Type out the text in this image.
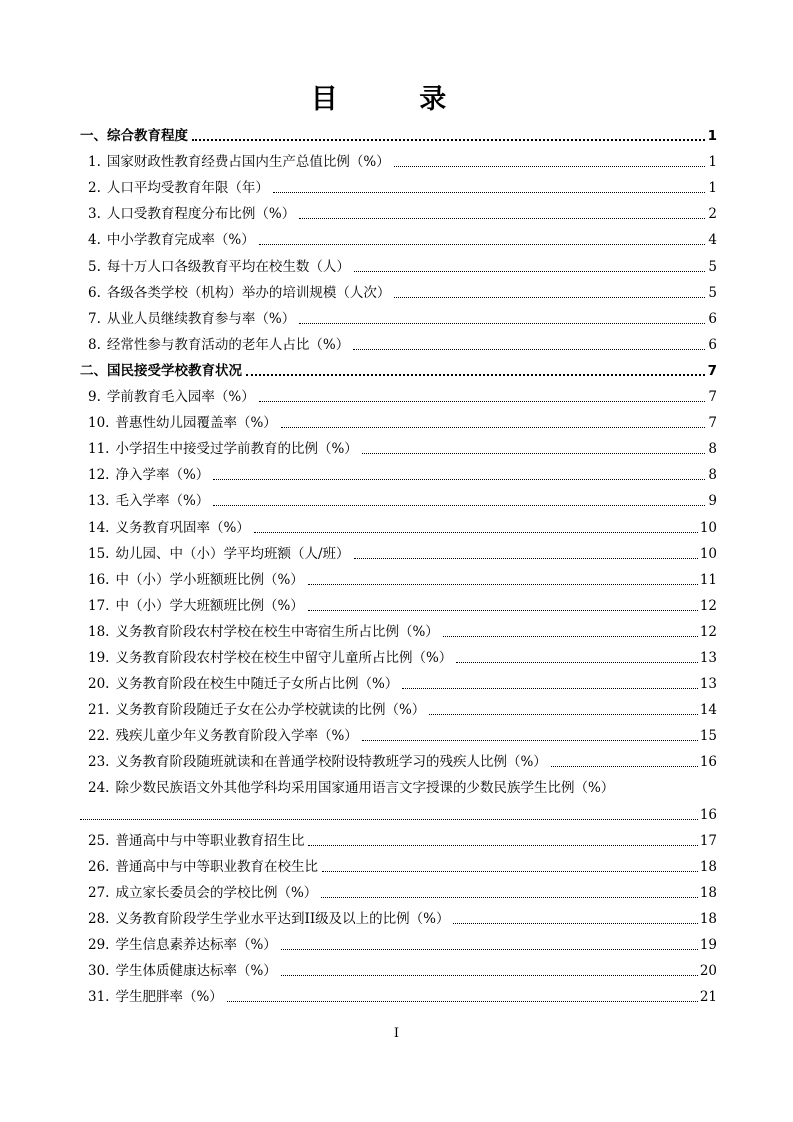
目 录
一、综合教育程度	1
1. 国家财政性教育经费占国内生产总值比例（%）	1
2. 人口平均受教育年限（年）	1
3. 人口受教育程度分布比例（%）	2
4. 中小学教育完成率（%）	4
5. 每十万人口各级教育平均在校生数（人）	5
6. 各级各类学校（机构）举办的培训规模（人次）	5
7. 从业人员继续教育参与率（%）	6
8. 经常性参与教育活动的老年人占比（%）	6
二、国民接受学校教育状况	7
9. 学前教育毛入园率（%）	7
10. 普惠性幼儿园覆盖率（%）	7
11. 小学招生中接受过学前教育的比例（%）	8
12. 净入学率（%）	8
13. 毛入学率（%）	9
14. 义务教育巩固率（%）	10
15. 幼儿园、中（小）学平均班额（人/班）	10
16. 中（小）学小班额班比例（%）	11
17. 中（小）学大班额班比例（%）	12
18. 义务教育阶段农村学校在校生中寄宿生所占比例（%）	12
19. 义务教育阶段农村学校在校生中留守儿童所占比例（%）	13
20. 义务教育阶段在校生中随迁子女所占比例（%）	13
21. 义务教育阶段随迁子女在公办学校就读的比例（%）	14
22. 残疾儿童少年义务教育阶段入学率（%）	15
23. 义务教育阶段随班就读和在普通学校附设特教班学习的残疾人比例（%）	16
24. 除少数民族语文外其他学科均采用国家通用语言文字授课的少数民族学生比例（%）
16
25. 普通高中与中等职业教育招生比	17
26. 普通高中与中等职业教育在校生比	18
27. 成立家长委员会的学校比例（%）	18
28. 义务教育阶段学生学业水平达到II级及以上的比例（%）	18
29. 学生信息素养达标率（%）	19
30. 学生体质健康达标率（%）	20
31. 学生肥胖率（%）	21
I
